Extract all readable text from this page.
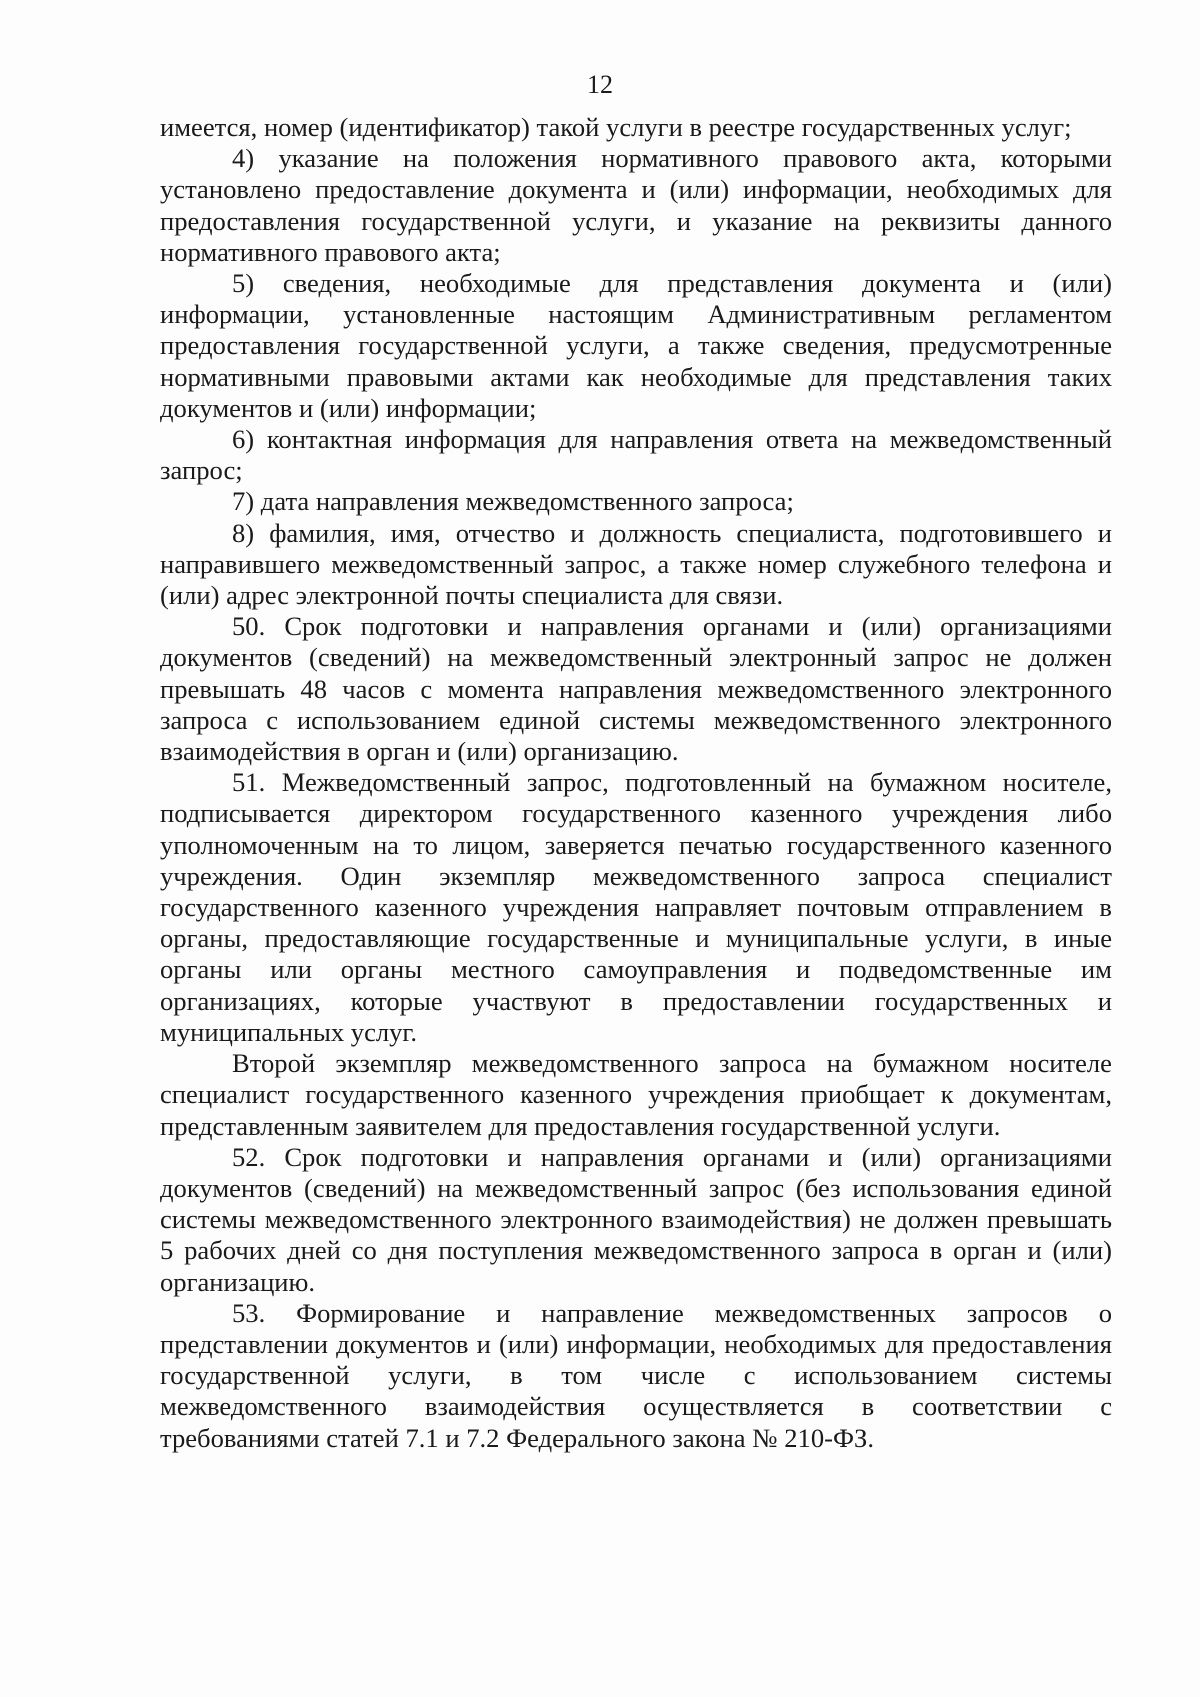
12

имеется, номер (идентификатор) такой услуги в реестре государственных услуг;

4) указание на положения нормативного правового акта, которыми установлено предоставление документа и (или) информации, необходимых для предоставления государственной услуги, и указание на реквизиты данного нормативного правового акта;

5) сведения, необходимые для представления документа и (или) информации, установленные настоящим Административным регламентом предоставления государственной услуги, а также сведения, предусмотренные нормативными правовыми актами как необходимые для представления таких документов и (или) информации;

6) контактная информация для направления ответа на межведомственный запрос;

7) дата направления межведомственного запроса;

8) фамилия, имя, отчество и должность специалиста, подготовившего и направившего межведомственный запрос, а также номер служебного телефона и (или) адрес электронной почты специалиста для связи.

50. Срок подготовки и направления органами и (или) организациями документов (сведений) на межведомственный электронный запрос не должен превышать 48 часов с момента направления межведомственного электронного запроса с использованием единой системы межведомственного электронного взаимодействия в орган и (или) организацию.

51. Межведомственный запрос, подготовленный на бумажном носителе, подписывается директором государственного казенного учреждения либо уполномоченным на то лицом, заверяется печатью государственного казенного учреждения. Один экземпляр межведомственного запроса специалист государственного казенного учреждения направляет почтовым отправлением в органы, предоставляющие государственные и муниципальные услуги, в иные органы или органы местного самоуправления и подведомственные им организациях, которые участвуют в предоставлении государственных и муниципальных услуг.

Второй экземпляр межведомственного запроса на бумажном носителе специалист государственного казенного учреждения приобщает к документам, представленным заявителем для предоставления государственной услуги.

52. Срок подготовки и направления органами и (или) организациями документов (сведений) на межведомственный запрос (без использования единой системы межведомственного электронного взаимодействия) не должен превышать 5 рабочих дней со дня поступления межведомственного запроса в орган и (или) организацию.

53. Формирование и направление межведомственных запросов о представлении документов и (или) информации, необходимых для предоставления государственной услуги, в том числе с использованием системы межведомственного взаимодействия осуществляется в соответствии с требованиями статей 7.1 и 7.2 Федерального закона № 210-ФЗ.
